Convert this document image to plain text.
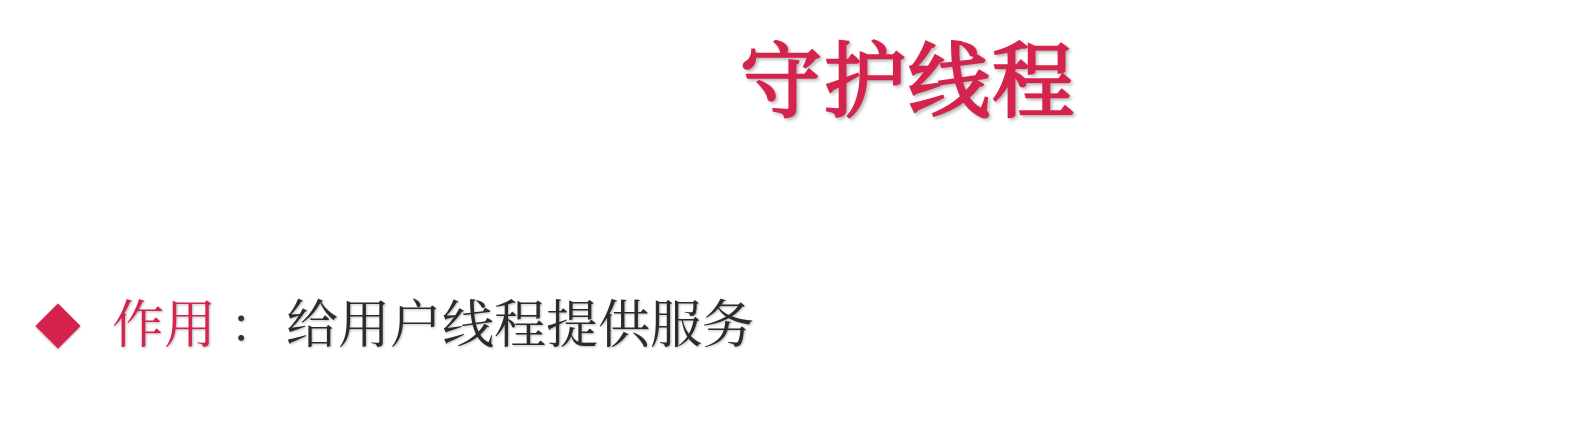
守护线程
作用 ： 给用户线程提供服务
